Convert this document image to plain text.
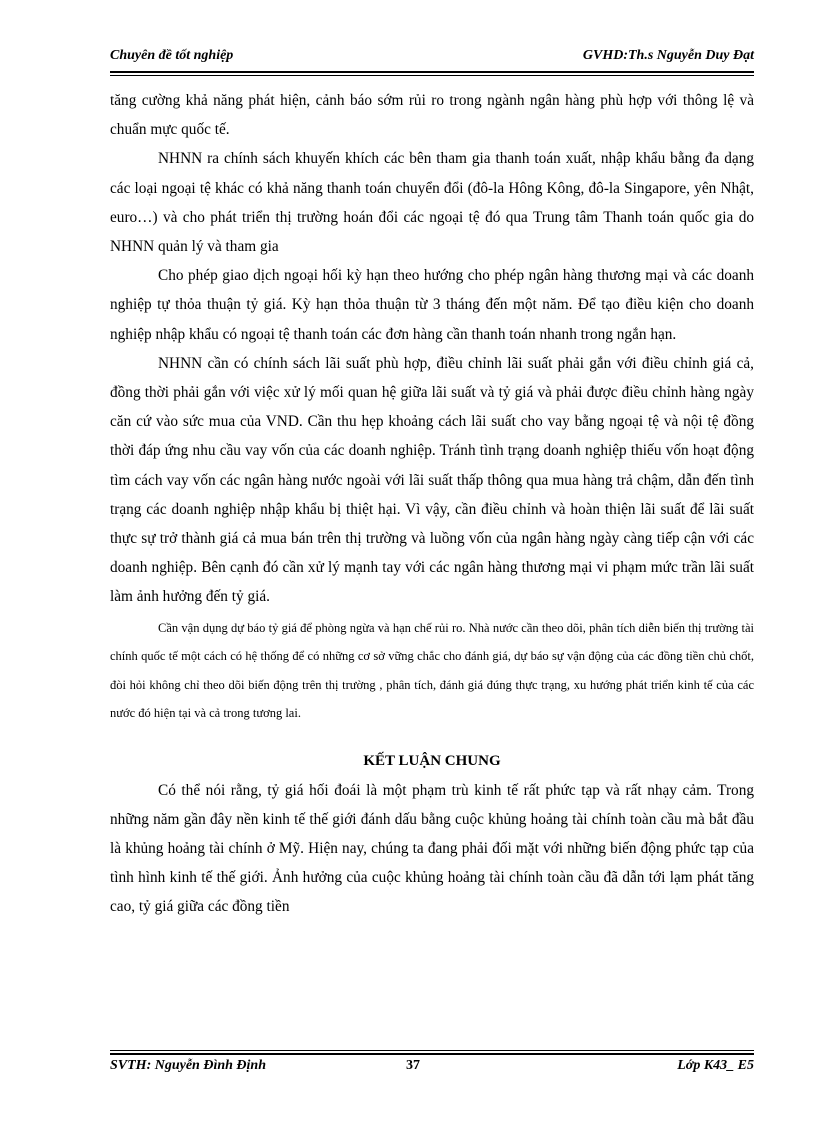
Chuyên đề tốt nghiệp	GVHD:Th.s Nguyễn Duy Đạt

tăng cường khả năng phát hiện, cảnh báo sớm rủi ro trong ngành ngân hàng phù hợp với thông lệ và chuẩn mực quốc tế.

NHNN ra chính sách khuyến khích các bên tham gia thanh toán xuất, nhập khẩu bằng đa dạng các loại ngoại tệ khác có khả năng thanh toán chuyển đổi (đô-la Hông Kông, đô-la Singapore, yên Nhật, euro…) và cho phát triển thị trường hoán đổi các ngoại tệ đó qua Trung tâm Thanh toán quốc gia do NHNN quản lý và tham gia

Cho phép giao dịch ngoại hối kỳ hạn theo hướng cho phép ngân hàng thương mại và các doanh nghiệp tự thỏa thuận tỷ giá. Kỳ hạn thỏa thuận từ 3 tháng đến một năm. Để tạo điều kiện cho doanh nghiệp nhập khẩu có ngoại tệ thanh toán các đơn hàng cần thanh toán nhanh trong ngắn hạn.

NHNN cần có chính sách lãi suất phù hợp, điều chỉnh lãi suất phải gắn với điều chỉnh giá cả, đồng thời phải gắn với việc xử lý mối quan hệ giữa lãi suất và tỷ giá và phải được điều chỉnh hàng ngày căn cứ vào sức mua của VND. Cần thu hẹp khoảng cách lãi suất cho vay bằng ngoại tệ và nội tệ đồng thời đáp ứng nhu cầu vay vốn của các doanh nghiệp. Tránh tình trạng doanh nghiệp thiếu vốn hoạt động tìm cách vay vốn các ngân hàng nước ngoài với lãi suất thấp thông qua mua hàng trả chậm, dẫn đến tình trạng các doanh nghiệp nhập khẩu bị thiệt hại. Vì vậy, cần điều chỉnh và hoàn thiện lãi suất để lãi suất thực sự trở thành giá cả mua bán trên thị trường và luồng vốn của ngân hàng ngày càng tiếp cận với các doanh nghiệp. Bên cạnh đó cần xử lý mạnh tay với các ngân hàng thương mại vi phạm mức trần lãi suất làm ảnh hưởng đến tỷ giá.

Cần vận dụng dự báo tỷ giá để phòng ngừa và hạn chế rủi ro. Nhà nước cần theo dõi, phân tích diễn biến thị trường tài chính quốc tế một cách có hệ thống để có những cơ sở vững chắc cho đánh giá, dự báo sự vận động của các đồng tiền chủ chốt, đòi hỏi không chỉ theo dõi biến động trên thị trường , phân tích, đánh giá đúng thực trạng, xu hướng phát triển kinh tế của các nước đó hiện tại và cả trong tương lai.

KẾT LUẬN CHUNG

Có thể nói rằng, tỷ giá hối đoái là một phạm trù kinh tế rất phức tạp và rất nhạy cảm. Trong những năm gần đây nền kinh tế thế giới đánh dấu bằng cuộc khủng hoảng tài chính toàn cầu mà bắt đầu là khủng hoảng tài chính ở Mỹ. Hiện nay, chúng ta đang phải đối mặt với những biến động phức tạp của tình hình kinh tế thế giới. Ảnh hưởng của cuộc khủng hoảng tài chính toàn cầu đã dẫn tới lạm phát tăng cao, tỷ giá giữa các đồng tiền

SVTH: Nguyễn Đình Định	37	Lớp K43_ E5
